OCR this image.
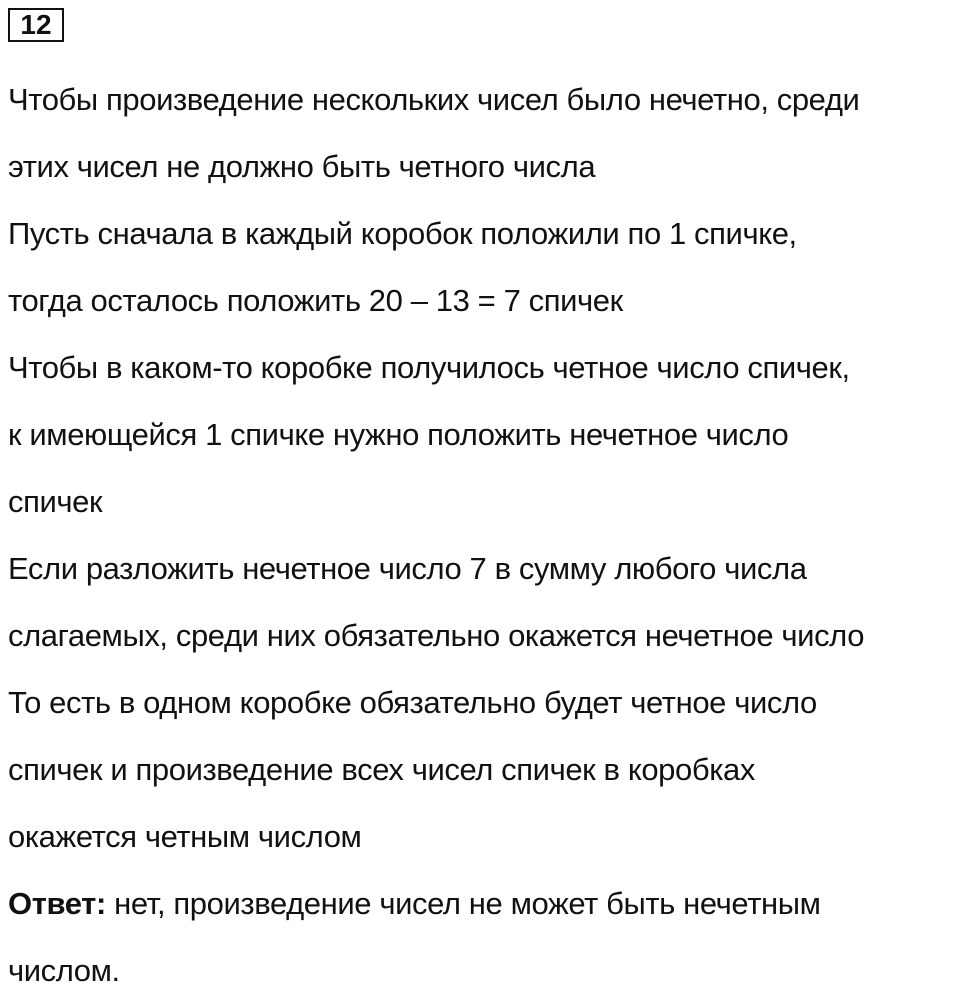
12
Чтобы произведение нескольких чисел было нечетно, среди
этих чисел не должно быть четного числа
Пусть сначала в каждый коробок положили по 1 спичке,
тогда осталось положить 20 – 13 = 7 спичек
Чтобы в каком-то коробке получилось четное число спичек,
к имеющейся 1 спичке нужно положить нечетное число
спичек
Если разложить нечетное число 7 в сумму любого числа
слагаемых, среди них обязательно окажется нечетное число
То есть в одном коробке обязательно будет четное число
спичек и произведение всех чисел спичек в коробках
окажется четным числом
Ответ: нет, произведение чисел не может быть нечетным
числом.
